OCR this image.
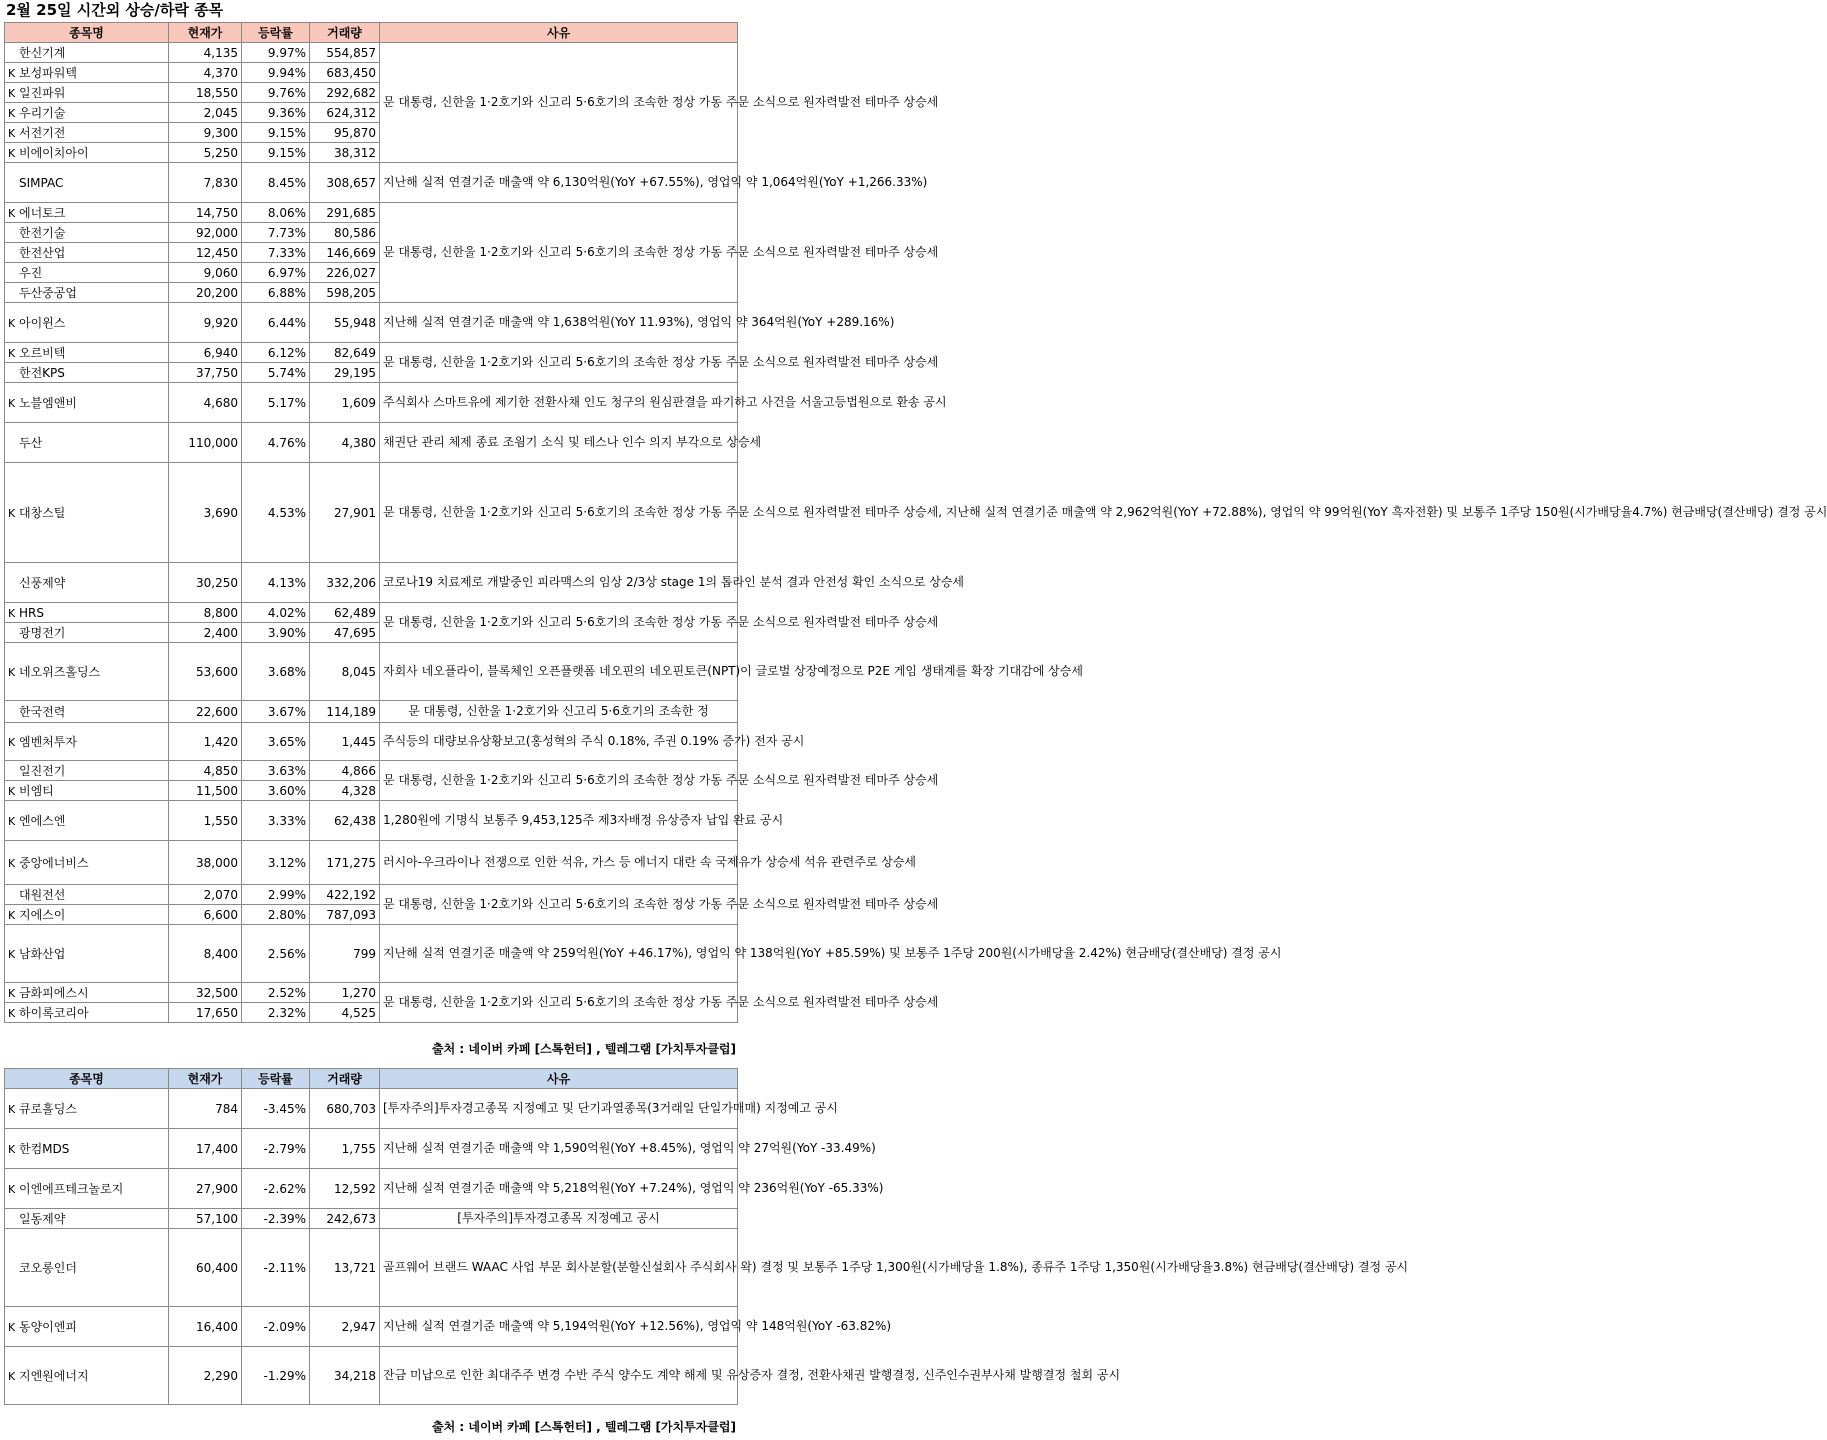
2월 25일 시간외 상승/하락 종목
종목명	현재가	등락률	거래량	사유
한신기계	4,135	9.97%	554,857	문 대통령, 신한울 1·2호기와 신고리 5·6호기의 조속한 정상 가동 주문 소식으로 원자력발전 테마주 상승세
K 보성파워텍	4,370	9.94%	683,450	
K 일진파워	18,550	9.76%	292,682	
K 우리기술	2,045	9.36%	624,312	
K 서전기전	9,300	9.15%	95,870	
K 비에이치아이	5,250	9.15%	38,312	
SIMPAC	7,830	8.45%	308,657	지난해 실적 연결기준 매출액 약 6,130억원(YoY +67.55%), 영업익 약 1,064억원(YoY +1,266.33%)
K 에너토크	14,750	8.06%	291,685	문 대통령, 신한울 1·2호기와 신고리 5·6호기의 조속한 정상 가동 주문 소식으로 원자력발전 테마주 상승세
한전기술	92,000	7.73%	80,586	
한전산업	12,450	7.33%	146,669	
우진	9,060	6.97%	226,027	
두산중공업	20,200	6.88%	598,205	
K 아이윈스	9,920	6.44%	55,948	지난해 실적 연결기준 매출액 약 1,638억원(YoY 11.93%), 영업익 약 364억원(YoY +289.16%)
K 오르비텍	6,940	6.12%	82,649	문 대통령, 신한울 1·2호기와 신고리 5·6호기의 조속한 정상 가동 주문 소식으로 원자력발전 테마주 상승세
한전KPS	37,750	5.74%	29,195	
K 노블엠앤비	4,680	5.17%	1,609	주식회사 스마트유에 제기한 전환사채 인도 청구의 원심판결을 파기하고 사건을 서울고등법원으로 환송 공시
두산	110,000	4.76%	4,380	채권단 관리 체제 종료 조읨기 소식 및 테스나 인수 의지 부각으로 상승세
K 대창스틸	3,690	4.53%	27,901	문 대통령, 신한울 1·2호기와 신고리 5·6호기의 조속한 정상 가동 주문 소식으로 원자력발전 테마주 상승세, 지난해 실적 연결기준 매출액 약 2,962억원(YoY +72.88%), 영업익 약 99억원(YoY 흑자전환) 및 보통주 1주당 150원(시가배당율4.7%) 현금배당(결산배당) 결정 공시
신풍제약	30,250	4.13%	332,206	코로나19 치료제로 개발중인 피라맥스의 임상 2/3상 stage 1의 톱라인 분석 결과 안전성 확인 소식으로 상승세
K HRS	8,800	4.02%	62,489	문 대통령, 신한울 1·2호기와 신고리 5·6호기의 조속한 정상 가동 주문 소식으로 원자력발전 테마주 상승세
광명전기	2,400	3.90%	47,695	
K 네오위즈홀딩스	53,600	3.68%	8,045	자회사 네오플라이, 블록체인 오픈플랫폼 네오핀의 네오핀토큰(NPT)이 글로벌 상장예정으로 P2E 게임 생태계를 확장 기대감에 상승세
한국전력	22,600	3.67%	114,189	문 대통령, 신한울 1·2호기와 신고리 5·6호기의 조속한 정
K 엠벤처투자	1,420	3.65%	1,445	주식등의 대량보유상황보고(홍성혁의 주식 0.18%, 주권 0.19% 증가) 전자 공시
일진전기	4,850	3.63%	4,866	문 대통령, 신한울 1·2호기와 신고리 5·6호기의 조속한 정상 가동 주문 소식으로 원자력발전 테마주 상승세
K 비엠티	11,500	3.60%	4,328	
K 엔에스엔	1,550	3.33%	62,438	1,280원에 기명식 보통주 9,453,125주 제3자배정 유상증자 납입 완료 공시
K 중앙에너비스	38,000	3.12%	171,275	러시아-우크라이나 전쟁으로 인한 석유, 가스 등 에너지 대란 속 국제유가 상승세 석유 관련주로 상승세
대원전선	2,070	2.99%	422,192	문 대통령, 신한울 1·2호기와 신고리 5·6호기의 조속한 정상 가동 주문 소식으로 원자력발전 테마주 상승세
K 지에스이	6,600	2.80%	787,093	
K 남화산업	8,400	2.56%	799	지난해 실적 연결기준 매출액 약 259억원(YoY +46.17%), 영업익 약 138억원(YoY +85.59%) 및 보통주 1주당 200원(시가배당율 2.42%) 현금배당(결산배당) 결정 공시
K 금화피에스시	32,500	2.52%	1,270	문 대통령, 신한울 1·2호기와 신고리 5·6호기의 조속한 정상 가동 주문 소식으로 원자력발전 테마주 상승세
K 하이록코리아	17,650	2.32%	4,525	
출처 : 네이버 카페 [스톡헌터] , 텔레그램 [가치투자클럽]
종목명	현재가	등락률	거래량	사유
K 큐로홀딩스	784	-3.45%	680,703	[투자주의]투자경고종목 지정예고 및 단기과열종목(3거래일 단일가매매) 지정예고 공시
K 한컴MDS	17,400	-2.79%	1,755	지난해 실적 연결기준 매출액 약 1,590억원(YoY +8.45%), 영업익 약 27억원(YoY -33.49%)
K 이엔에프테크놀로지	27,900	-2.62%	12,592	지난해 실적 연결기준 매출액 약 5,218억원(YoY +7.24%), 영업익 약 236억원(YoY -65.33%)
일동제약	57,100	-2.39%	242,673	[투자주의]투자경고종목 지정예고 공시
코오롱인더	60,400	-2.11%	13,721	골프웨어 브랜드 WAAC 사업 부문 회사분할(분할신설회사 주식회사 왁) 결정 및 보통주 1주당 1,300원(시가배당율 1.8%), 종류주 1주당 1,350원(시가배당율3.8%) 현금배당(결산배당) 결정 공시
K 동양이엔피	16,400	-2.09%	2,947	지난해 실적 연결기준 매출액 약 5,194억원(YoY +12.56%), 영업익 약 148억원(YoY -63.82%)
K 지엔원에너지	2,290	-1.29%	34,218	잔금 미납으로 인한 최대주주 변경 수반 주식 양수도 계약 해제 및 유상증자 결정, 전환사채권 발행결정, 신주인수권부사채 발행결정 철회 공시
출처 : 네이버 카페 [스톡헌터] , 텔레그램 [가치투자클럽]
